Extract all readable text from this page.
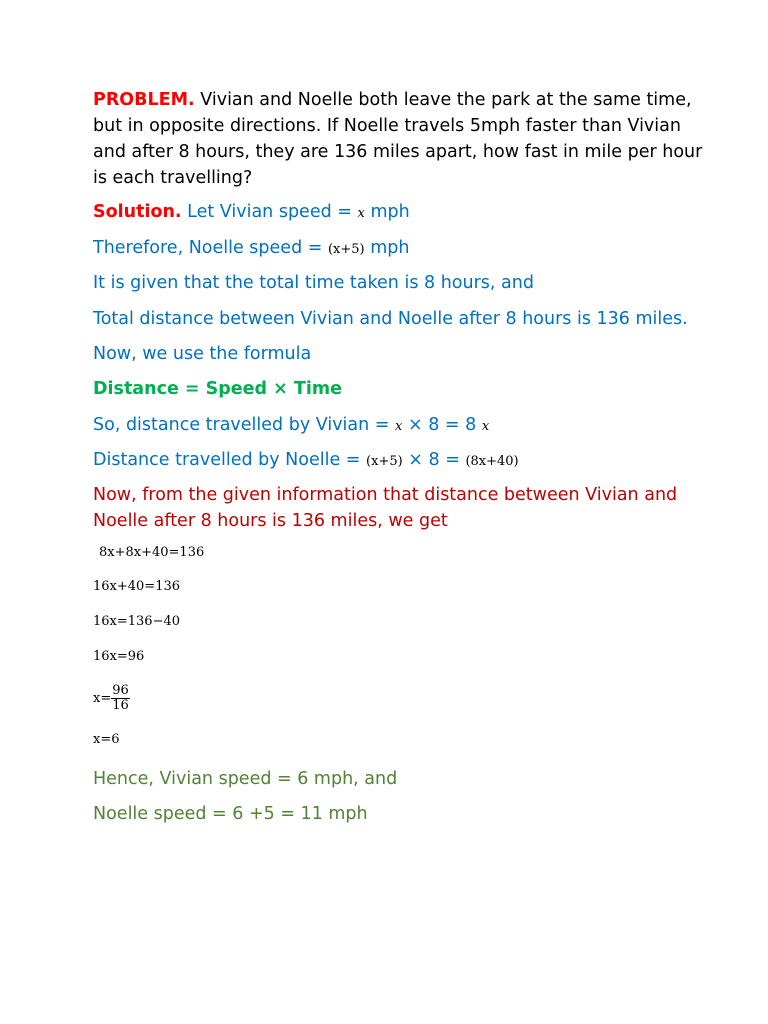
PROBLEM. Vivian and Noelle both leave the park at the same time,
but in opposite directions. If Noelle travels 5mph faster than Vivian
and after 8 hours, they are 136 miles apart, how fast in mile per hour
is each travelling?
Solution. Let Vivian speed = x mph
Therefore, Noelle speed = (x+5) mph
It is given that the total time taken is 8 hours, and
Total distance between Vivian and Noelle after 8 hours is 136 miles.
Now, we use the formula
Distance = Speed × Time
So, distance travelled by Vivian = x × 8 = 8 x
Distance travelled by Noelle = (x+5) × 8 = (8x+40)
Now, from the given information that distance between Vivian and
Noelle after 8 hours is 136 miles, we get
8x+8x+40=136
16x+40=136
16x=136−40
16x=96
$x= \frac{96}{16}$
x=6
Hence, Vivian speed = 6 mph, and
Noelle speed = 6 +5 = 11 mph
